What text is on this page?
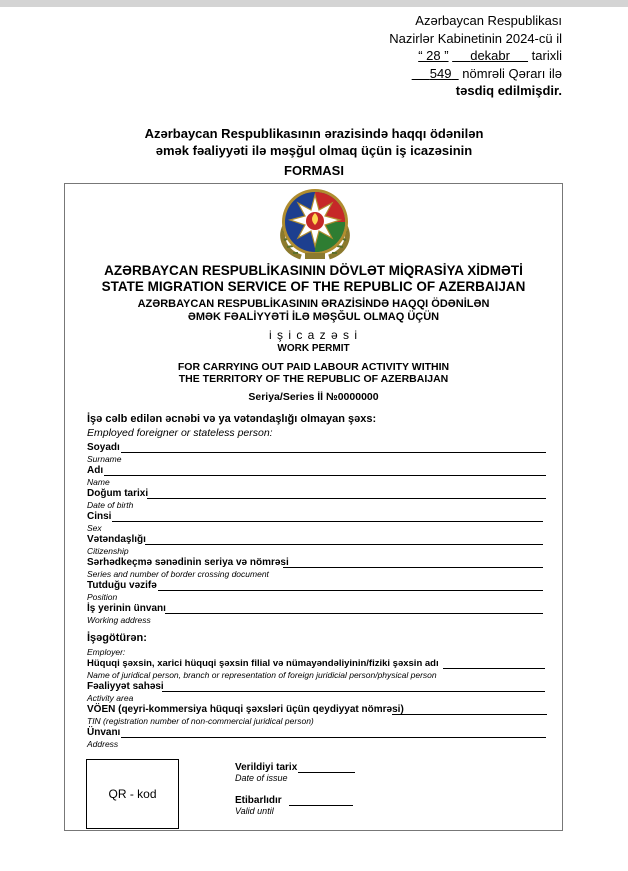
Azərbaycan Respublikası
Nazirlər Kabinetinin 2024-cü il
“ 28 ” dekabr tarixli
549 nömrəli Qərarı ilə
təsdiq edilmişdir.
Azərbaycan Respublikasının ərazisində haqqı ödənilən
əmək fəaliyyəti ilə məşğul olmaq üçün iş icazəsinin
FORMASI
AZƏRBAYCAN RESPUBLİKASININ DÖVLƏT MİQRASİYA XİDMƏTİ
STATE MIGRATION SERVICE OF THE REPUBLIC OF AZERBAIJAN
AZƏRBAYCAN RESPUBLİKASININ ƏRAZİSİNDƏ HAQQI ÖDƏNİLƏN
ƏMƏK FƏALİYYƏTİ İLƏ MƏŞĞUL OLMAQ ÜÇÜN
i ş i c a z ə s i
WORK PERMIT
FOR CARRYING OUT PAID LABOUR ACTIVITY WITHIN
THE TERRITORY OF THE REPUBLIC OF AZERBAIJAN
Seriya/Series İİ №0000000
İşə cəlb edilən əcnəbi və ya vətəndaşlığı olmayan şəxs:
Employed foreigner or stateless person:
Soyadı
Surname
Adı
Name
Doğum tarixi
Date of birth
Cinsi
Sex
Vətəndaşlığı
Citizenship
Sərhədkeçmə sənədinin seriya və nömrəsi
Series and number of border crossing document
Tutduğu vəzifə
Position
İş yerinin ünvanı
Working address
İşəgötürən:
Employer:
Hüquqi şəxsin, xarici hüquqi şəxsin filial və nümayəndəliyinin/fiziki şəxsin adı
Name of juridical person, branch or representation of foreign juridicial person/physical person
Fəaliyyət sahəsi
Activity area
VÖEN (qeyri-kommersiya hüquqi şəxsləri üçün qeydiyyat nömrəsi)
TIN (registration number of non-commercial juridical person)
Ünvanı
Address
QR - kod
Verildiyi tarix
Date of issue
Etibarlıdır
Valid until
